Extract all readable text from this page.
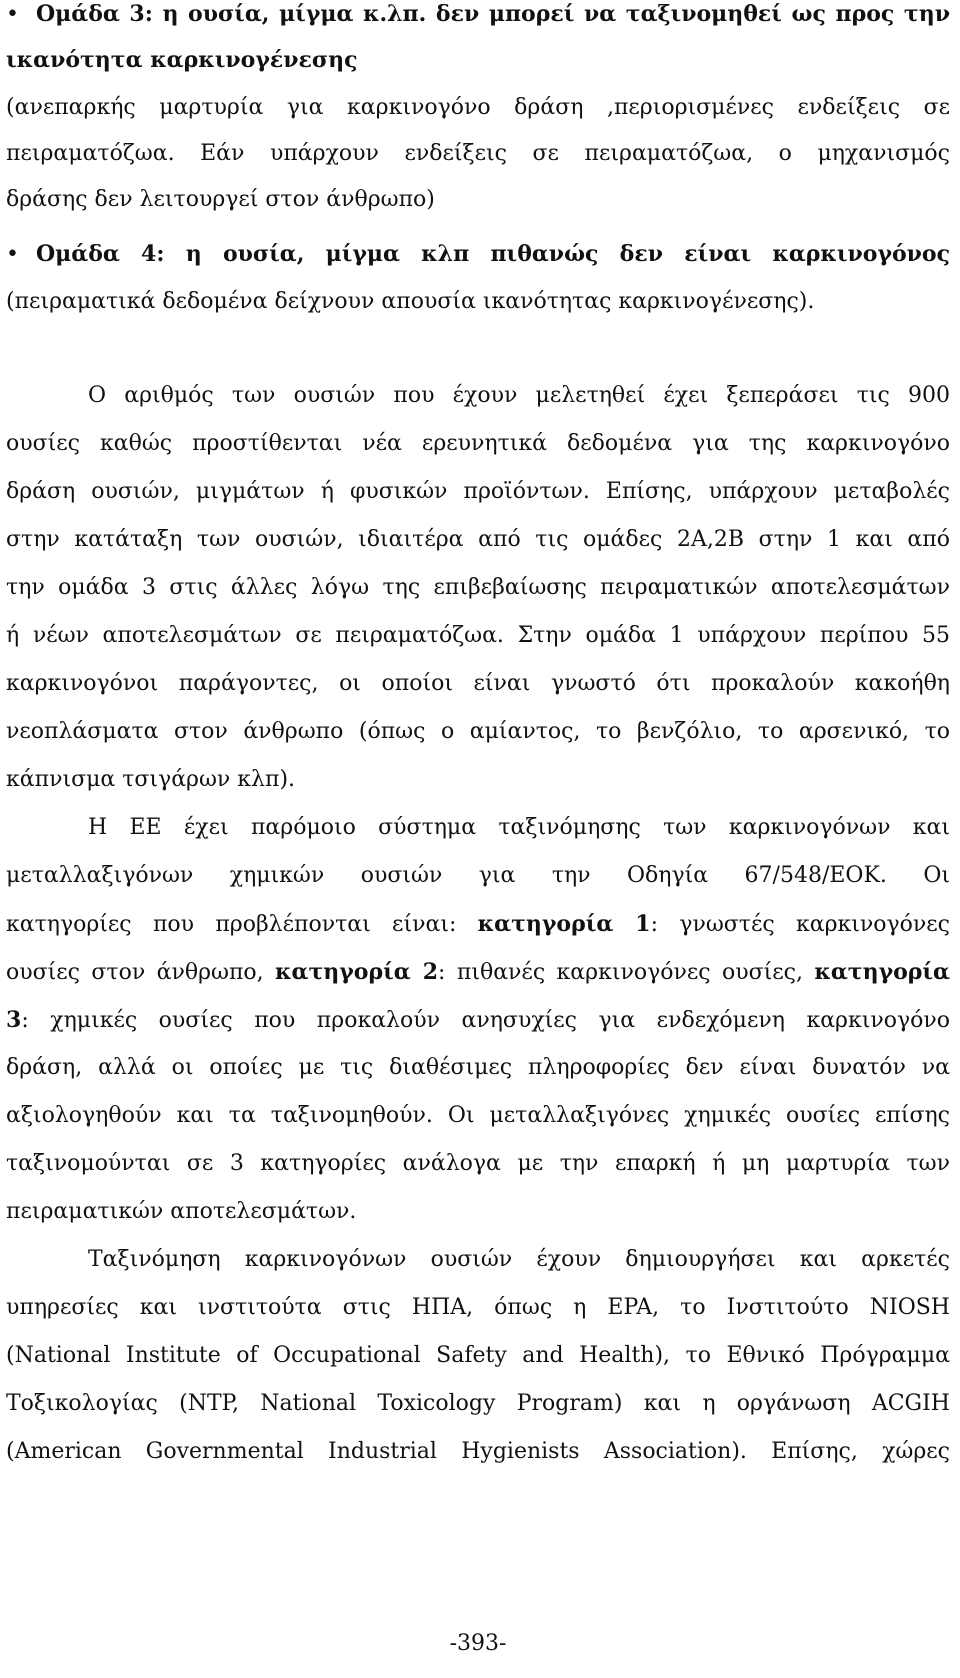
• Ομάδα 3: η ουσία, μίγμα κ.λπ. δεν μπορεί να ταξινομηθεί ως προς την
ικανότητα καρκινογένεσης
(ανεπαρκής μαρτυρία για καρκινογόνο δράση ,περιορισμένες ενδείξεις σε
πειραματόζωα. Εάν υπάρχουν ενδείξεις σε πειραματόζωα, ο μηχανισμός
δράσης δεν λειτουργεί στον άνθρωπο)
• Ομάδα 4: η ουσία, μίγμα κλπ πιθανώς δεν είναι καρκινογόνος
(πειραματικά δεδομένα δείχνουν απουσία ικανότητας καρκινογένεσης).
Ο αριθμός των ουσιών που έχουν μελετηθεί έχει ξεπεράσει τις 900
ουσίες καθώς προστίθενται νέα ερευνητικά δεδομένα για της καρκινογόνο
δράση ουσιών, μιγμάτων ή φυσικών προϊόντων. Επίσης, υπάρχουν μεταβολές
στην κατάταξη των ουσιών, ιδιαιτέρα από τις ομάδες 2Α,2Β στην 1 και από
την ομάδα 3 στις άλλες λόγω της επιβεβαίωσης πειραματικών αποτελεσμάτων
ή νέων αποτελεσμάτων σε πειραματόζωα. Στην ομάδα 1 υπάρχουν περίπου 55
καρκινογόνοι παράγοντες, οι οποίοι είναι γνωστό ότι προκαλούν κακοήθη
νεοπλάσματα στον άνθρωπο (όπως ο αμίαντος, το βενζόλιο, το αρσενικό, το
κάπνισμα τσιγάρων κλπ).
Η ΕΕ έχει παρόμοιο σύστημα ταξινόμησης των καρκινογόνων και
μεταλλαξιγόνων χημικών ουσιών για την Οδηγία 67/548/ΕΟΚ. Οι
κατηγορίες που προβλέπονται είναι: κατηγορία 1: γνωστές καρκινογόνες
ουσίες στον άνθρωπο, κατηγορία 2: πιθανές καρκινογόνες ουσίες, κατηγορία
3: χημικές ουσίες που προκαλούν ανησυχίες για ενδεχόμενη καρκινογόνο
δράση, αλλά οι οποίες με τις διαθέσιμες πληροφορίες δεν είναι δυνατόν να
αξιολογηθούν και τα ταξινομηθούν. Οι μεταλλαξιγόνες χημικές ουσίες επίσης
ταξινομούνται σε 3 κατηγορίες ανάλογα με την επαρκή ή μη μαρτυρία των
πειραματικών αποτελεσμάτων.
Ταξινόμηση καρκινογόνων ουσιών έχουν δημιουργήσει και αρκετές
υπηρεσίες και ινστιτούτα στις ΗΠΑ, όπως η EPA, το Ινστιτούτο NIOSH
(National Institute of Occupational Safety and Health), το Εθνικό Πρόγραμμα
Τοξικολογίας (NTP, National Toxicology Program) και η οργάνωση ACGIH
(American Governmental Industrial Hygienists Association). Επίσης, χώρες
-393-
